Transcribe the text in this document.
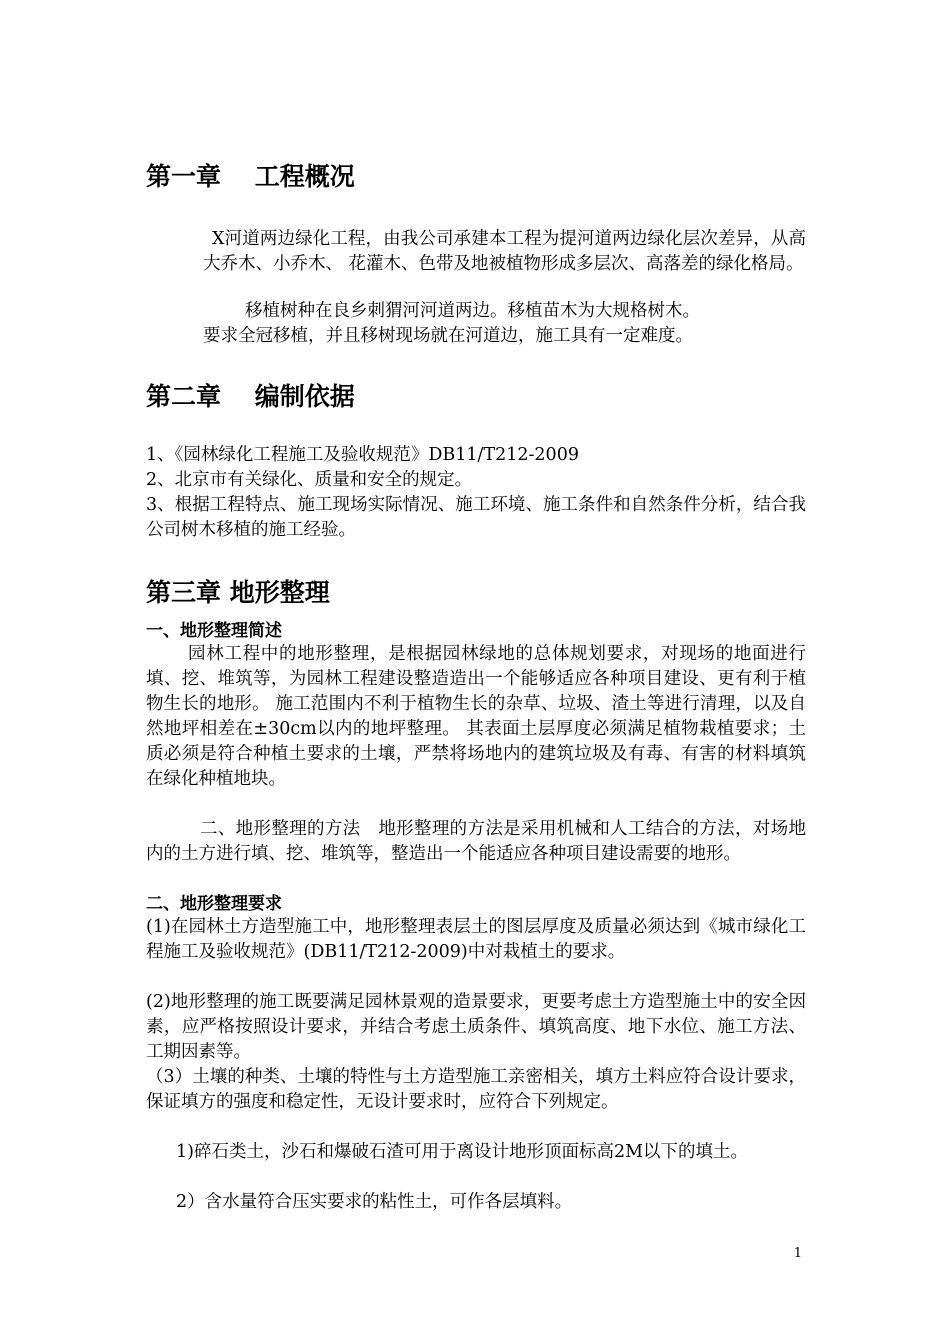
第一章　 工程概况

X河道两边绿化工程，由我公司承建本工程为提河道两边绿化层次差异，从高大乔木、小乔木、 花灌木、色带及地被植物形成多层次、高落差的绿化格局。

移植树种在良乡刺猬河河道两边。移植苗木为大规格树木。

要求全冠移植，并且移树现场就在河道边，施工具有一定难度。

第二章　 编制依据

1、《园林绿化工程施工及验收规范》DB11/T212-2009

2、北京市有关绿化、质量和安全的规定。

3、根据工程特点、施工现场实际情况、施工环境、施工条件和自然条件分析，结合我公司树木移植的施工经验。

第三章 地形整理
一、地形整理简述

园林工程中的地形整理，是根据园林绿地的总体规划要求，对现场的地面进行填、挖、堆筑等，为园林工程建设整造造出一个能够适应各种项目建设、更有利于植物生长的地形。 施工范围内不利于植物生长的杂草、垃圾、渣土等进行清理，以及自然地坪相差在±30cm以内的地坪整理。 其表面土层厚度必须满足植物栽植要求；土质必须是符合种植土要求的土壤，严禁将场地内的建筑垃圾及有毒、有害的材料填筑在绿化种植地块。

二、地形整理的方法　地形整理的方法是采用机械和人工结合的方法，对场地内的土方进行填、挖、堆筑等，整造出一个能适应各种项目建设需要的地形。

二、地形整理要求

(1)在园林土方造型施工中，地形整理表层土的图层厚度及质量必须达到《城市绿化工程施工及验收规范》(DB11/T212-2009)中对栽植土的要求。

(2)地形整理的施工既要满足园林景观的造景要求，更要考虑土方造型施土中的安全因素，应严格按照设计要求，并结合考虑土质条件、填筑高度、地下水位、施工方法、工期因素等。

（3）土壤的种类、土壤的特性与土方造型施工亲密相关，填方土料应符合设计要求，保证填方的强度和稳定性，无设计要求时，应符合下列规定。

1)碎石类土，沙石和爆破石渣可用于离设计地形顶面标高2M以下的填土。

2）含水量符合压实要求的粘性土，可作各层填料。

1
